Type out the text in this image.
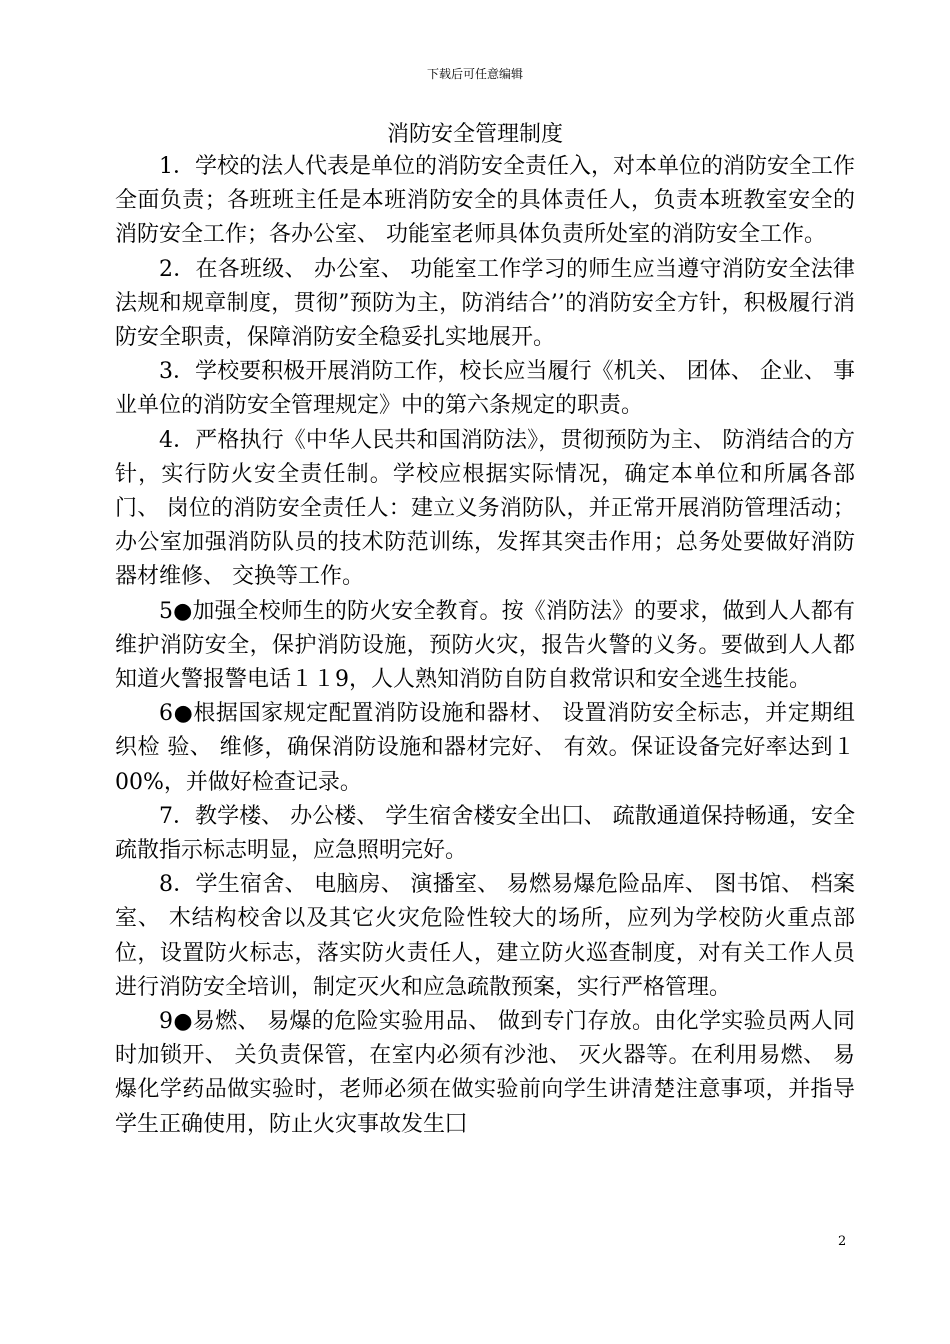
下载后可任意编辑
消防安全管理制度

1．学校的法人代表是单位的消防安全责任入，对本单位的消防安全工作全面负责；各班班主任是本班消防安全的具体责任人，负责本班教室安全的消防安全工作；各办公室、 功能室老师具体负责所处室的消防安全工作。

2．在各班级、 办公室、 功能室工作学习的师生应当遵守消防安全法律法规和规章制度，贯彻”预防为主，防消结合’’的消防安全方针，积极履行消防安全职责，保障消防安全稳妥扎实地展开。

3．学校要积极开展消防工作，校长应当履行《机关、 团体、 企业、 事业单位的消防安全管理规定》中的第六条规定的职责。

4．严格执行《中华人民共和国消防法》，贯彻预防为主、 防消结合的方针，实行防火安全责任制。学校应根据实际情况，确定本单位和所属各部门、 岗位的消防安全责任人：建立义务消防队，并正常开展消防管理活动；办公室加强消防队员的技术防范训练，发挥其突击作用；总务处要做好消防器材维修、 交换等工作。

5●加强全校师生的防火安全教育。按《消防法》的要求，做到人人都有维护消防安全，保护消防设施，预防火灾，报告火警的义务。要做到人人都知道火警报警电话１１9，人人熟知消防自防自救常识和安全逃生技能。

6●根据国家规定配置消防设施和器材、 设置消防安全标志，并定期组织检 验、 维修，确保消防设施和器材完好、 有效。保证设备完好率达到１00%，并做好检查记录。

7．教学楼、 办公楼、 学生宿舍楼安全出囗、 疏散通道保持畅通，安全疏散指示标志明显，应急照明完好。

8．学生宿舍、 电脑房、 演播室、 易燃易爆危险品库、 图书馆、 档案室、 木结构校舍以及其它火灾危险性较大的场所，应列为学校防火重点部位，设置防火标志，落实防火责任人，建立防火巡查制度，对有关工作人员进行消防安全培训，制定灭火和应急疏散预案，实行严格管理。

9●易燃、 易爆的危险实验用品、 做到专门存放。由化学实验员两人同时加锁开、 关负责保管，在室内必须有沙池、 灭火器等。在利用易燃、 易爆化学药品做实验时，老师必须在做实验前向学生讲清楚注意事项，并指导学生正确使用，防止火灾事故发生囗

2
